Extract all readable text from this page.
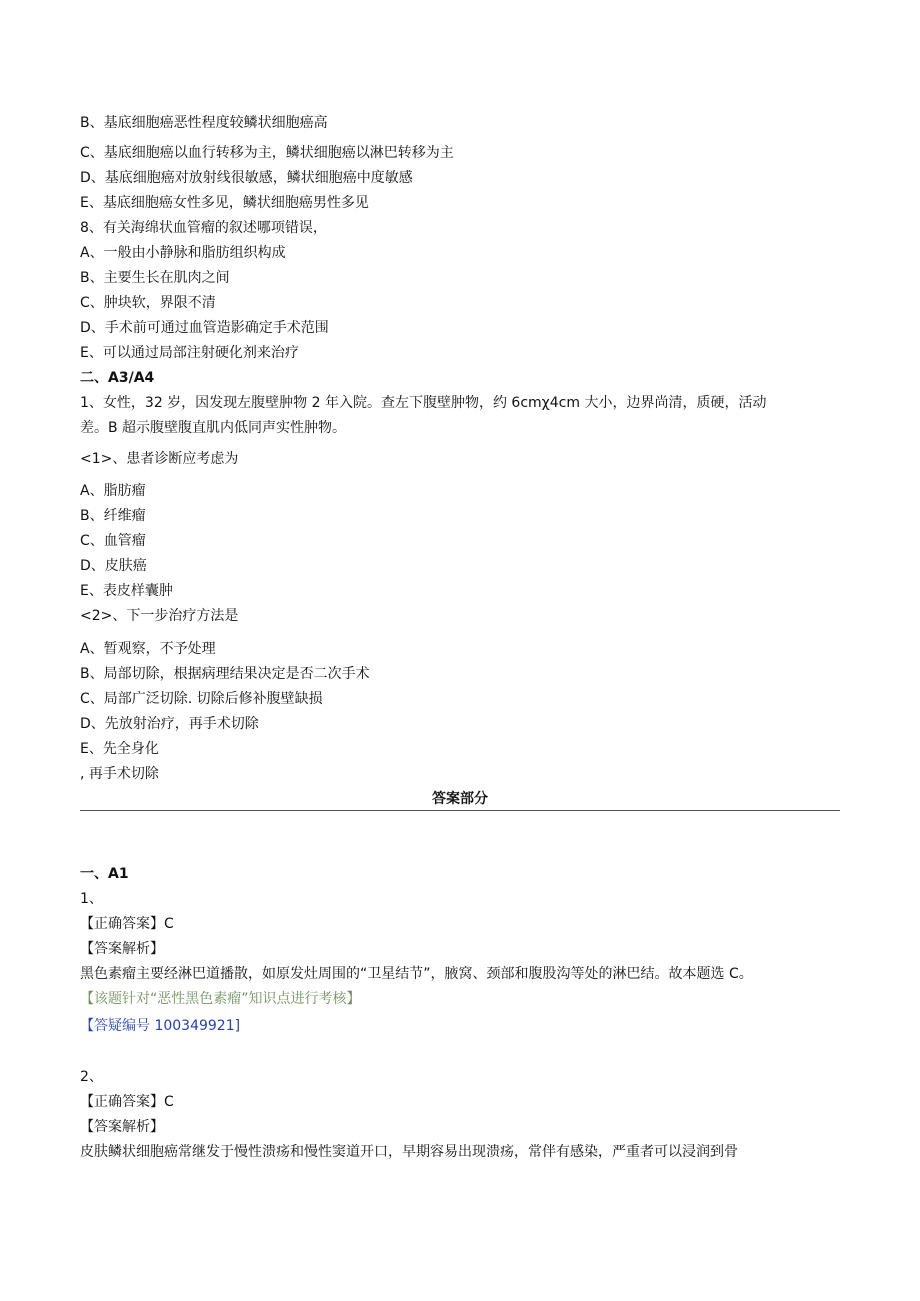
B、基底细胞癌恶性程度较鳞状细胞癌高
C、基底细胞癌以血行转移为主，鳞状细胞癌以淋巴转移为主
D、基底细胞癌对放射线很敏感，鳞状细胞癌中度敏感
E、基底细胞癌女性多见，鳞状细胞癌男性多见
8、有关海绵状血管瘤的叙述哪项错误，
A、一般由小静脉和脂肪组织构成
B、主要生长在肌肉之间
C、肿块软，界限不清
D、手术前可通过血管造影确定手术范围
E、可以通过局部注射硬化剂来治疗
二、A3/A4
1、女性，32 岁，因发现左腹壁肿物 2 年入院。查左下腹壁肿物，约 6cmχ4cm 大小，边界尚清，质硬，活动
差。B 超示腹壁腹直肌内低同声实性肿物。
<1>、患者诊断应考虑为
A、脂肪瘤
B、纤维瘤
C、血管瘤
D、皮肤癌
E、表皮样囊肿
<2>、下一步治疗方法是
A、暂观察，不予处理
B、局部切除，根据病理结果决定是否二次手术
C、局部广泛切除. 切除后修补腹壁缺损
D、先放射治疗，再手术切除
E、先全身化
, 再手术切除
答案部分
一、A1
1、
【正确答案】C
【答案解析】
黑色素瘤主要经淋巴道播散，如原发灶周围的“卫星结节”，腋窝、颈部和腹股沟等处的淋巴结。故本题选 C。
【该题针对“恶性黑色素瘤”知识点进行考核】
【答疑编号 100349921]
2、
【正确答案】C
【答案解析】
皮肤鳞状细胞癌常继发于慢性溃疡和慢性窦道开口，早期容易出现溃疡，常伴有感染，严重者可以浸润到骨
